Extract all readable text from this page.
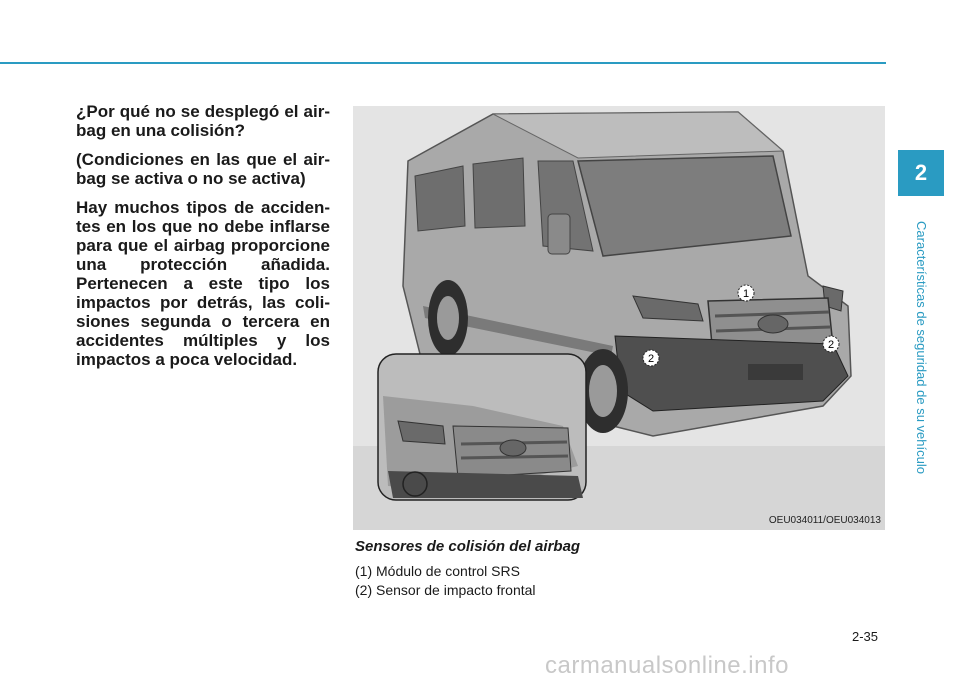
¿Por qué no se desplegó el air-bag en una colisión?

(Condiciones en las que el air-bag se activa o no se activa)

Hay muchos tipos de acciden-tes en los que no debe inflarse para que el airbag proporcione una protección añadida. Pertenecen a este tipo los impactos por detrás, las coli-siones segunda o tercera en accidentes múltiples y los impactos a poca velocidad.

1
2
2
OEU034011/OEU034013
Sensores de colisión del airbag
(1) Módulo de control SRS
(2) Sensor de impacto frontal
2
Características de seguridad de su vehículo
2-35
carmanualsonline.info
